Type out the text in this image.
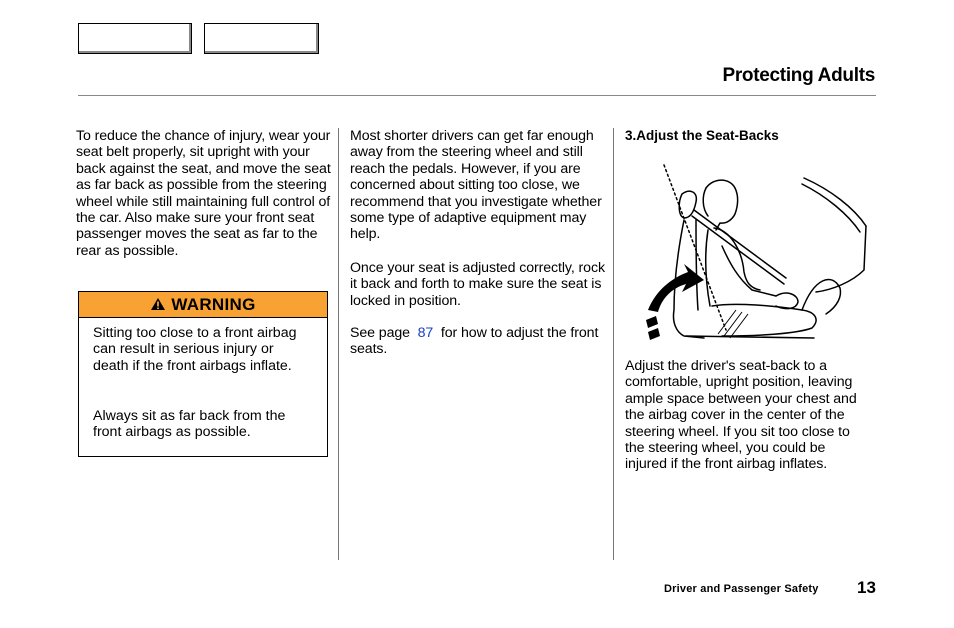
Protecting Adults

To reduce the chance of injury, wear your seat belt properly, sit upright with your back against the seat, and move the seat as far back as possible from the steering wheel while still maintaining full control of the car. Also make sure your front seat passenger moves the seat as far to the rear as possible.

WARNING

Sitting too close to a front airbag can result in serious injury or death if the front airbags inflate.

Always sit as far back from the front airbags as possible.

Most shorter drivers can get far enough away from the steering wheel and still reach the pedals. However, if you are concerned about sitting too close, we recommend that you investigate whether some type of adaptive equipment may help.

Once your seat is adjusted correctly, rock it back and forth to make sure the seat is locked in position.

See page 87 for how to adjust the front seats.

3.Adjust the Seat-Backs

Adjust the driver's seat-back to a comfortable, upright position, leaving ample space between your chest and the airbag cover in the center of the steering wheel. If you sit too close to the steering wheel, you could be injured if the front airbag inflates.

Driver and Passenger Safety 13
